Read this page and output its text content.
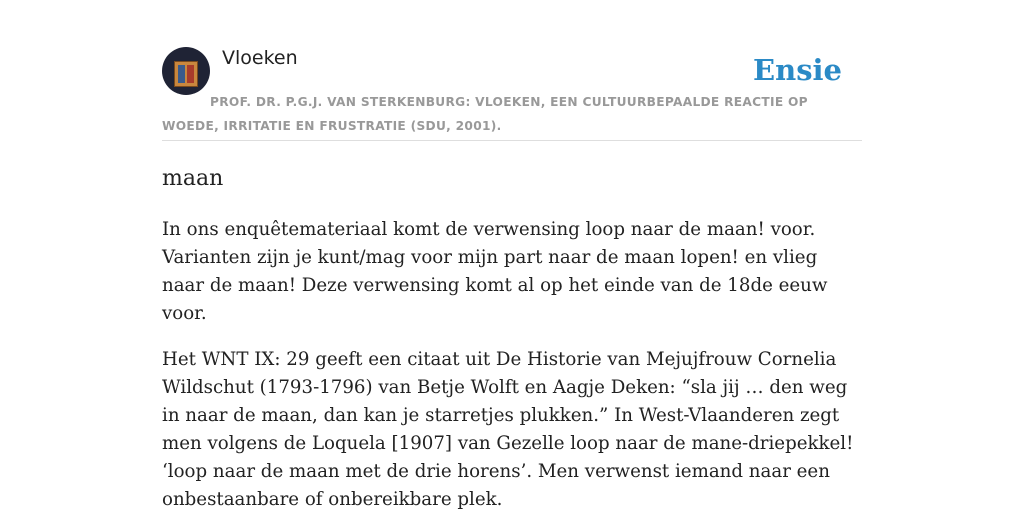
Vloeken	Ensie
PROF. DR. P.G.J. VAN STERKENBURG: VLOEKEN, EEN CULTUURBEPAALDE REACTIE OP WOEDE, IRRITATIE EN FRUSTRATIE (SDU, 2001).
maan

In ons enquêtemateriaal komt de verwensing loop naar de maan! voor. Varianten zijn je kunt/mag voor mijn part naar de maan lopen! en vlieg naar de maan! Deze verwensing komt al op het einde van de 18de eeuw voor.

Het WNT IX: 29 geeft een citaat uit De Historie van Mejujfrouw Cornelia Wildschut (1793-1796) van Betje Wolft en Aagje Deken: “sla jij … den weg in naar de maan, dan kan je starretjes plukken.” In West-Vlaanderen zegt men volgens de Loquela [1907] van Gezelle loop naar de mane-driepekkel! ‘loop naar de maan met de drie horens’. Men verwenst iemand naar een onbestaanbare of onbereikbare plek.
